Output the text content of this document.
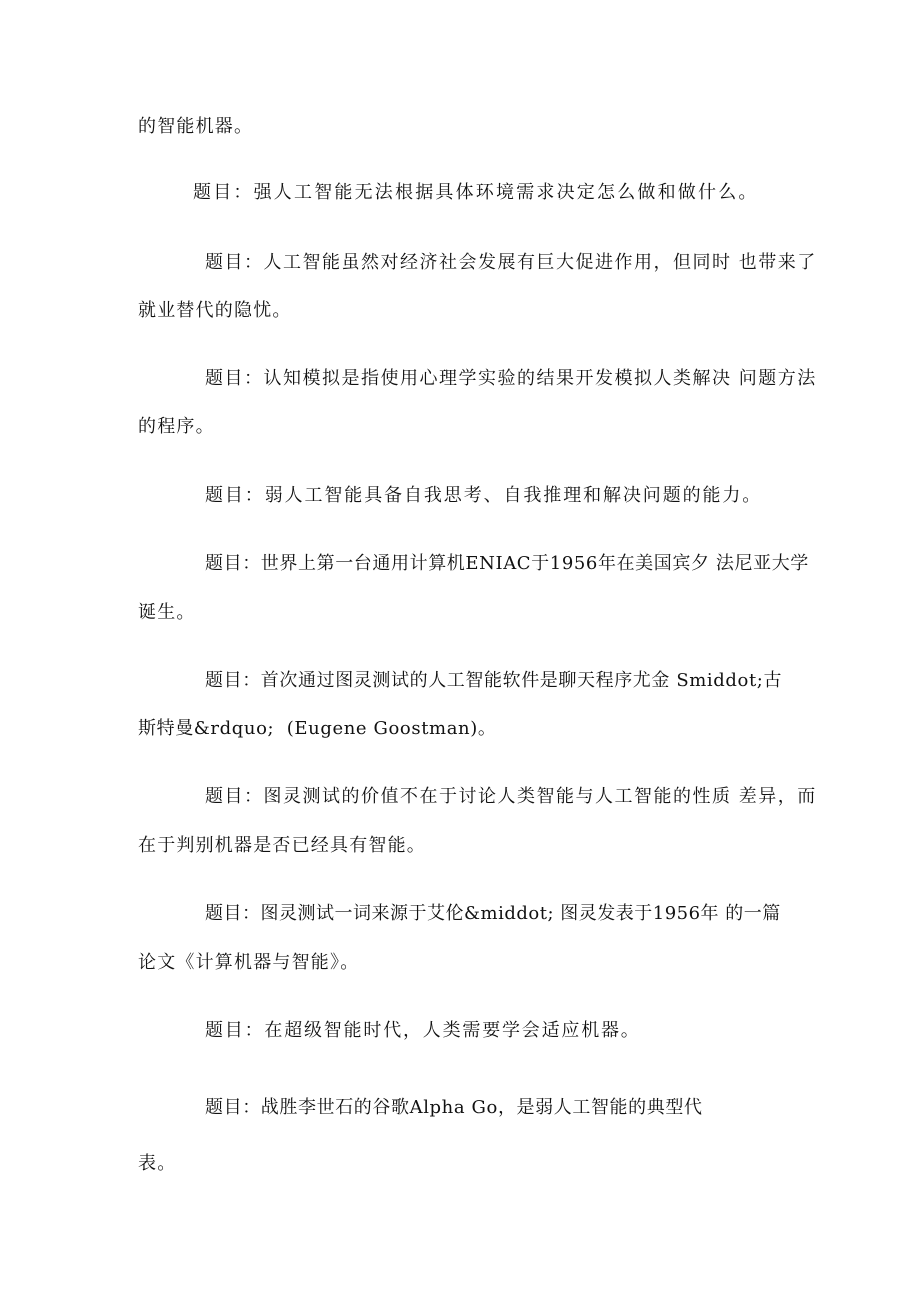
的智能机器。
题目：强人工智能无法根据具体环境需求决定怎么做和做什么。
题目：人工智能虽然对经济社会发展有巨大促进作用，但同时 也带来了
就业替代的隐忧。
题目：认知模拟是指使用心理学实验的结果开发模拟人类解决 问题方法
的程序。
题目：弱人工智能具备自我思考、自我推理和解决问题的能力。
题目：世界上第一台通用计算机ENIAC于1956年在美国宾夕 法尼亚大学
诞生。
题目：首次通过图灵测试的人工智能软件是聊天程序尤金 Smiddot;古
斯特曼&rdquo;  (Eugene Goostman)。
题目：图灵测试的价值不在于讨论人类智能与人工智能的性质 差异，而
在于判别机器是否已经具有智能。
题目：图灵测试一词来源于艾伦&middot; 图灵发表于1956年 的一篇
论文《计算机器与智能》。
题目：在超级智能时代，人类需要学会适应机器。
题目：战胜李世石的谷歌Alpha Go，是弱人工智能的典型代
表。
